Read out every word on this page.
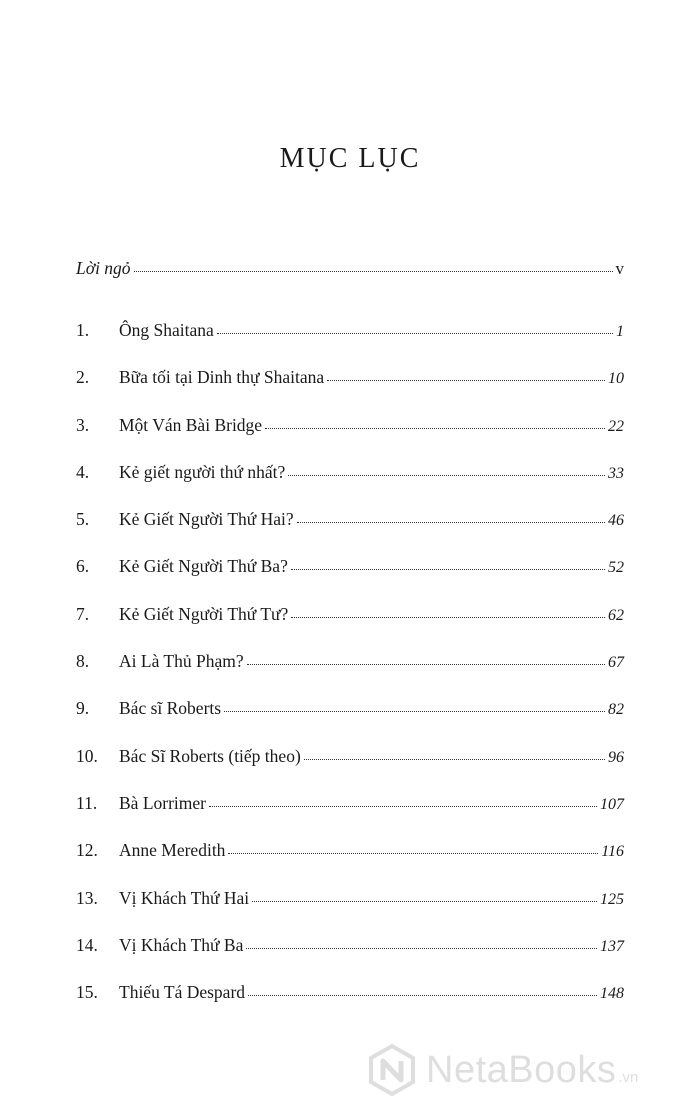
MỤC LỤC
Lời ngỏ	v
1.	Ông Shaitana	1
2.	Bữa tối tại Dinh thự Shaitana	10
3.	Một Ván Bài Bridge	22
4.	Kẻ giết người thứ nhất?	33
5.	Kẻ Giết Người Thứ Hai?	46
6.	Kẻ Giết Người Thứ Ba?	52
7.	Kẻ Giết Người Thứ Tư?	62
8.	Ai Là Thủ Phạm?	67
9.	Bác sĩ Roberts	82
10.	Bác Sĩ Roberts (tiếp theo)	96
11.	Bà Lorrimer	107
12.	Anne Meredith	116
13.	Vị Khách Thứ Hai	125
14.	Vị Khách Thứ Ba	137
15.	Thiếu Tá Despard	148
NetaBooks .vn
